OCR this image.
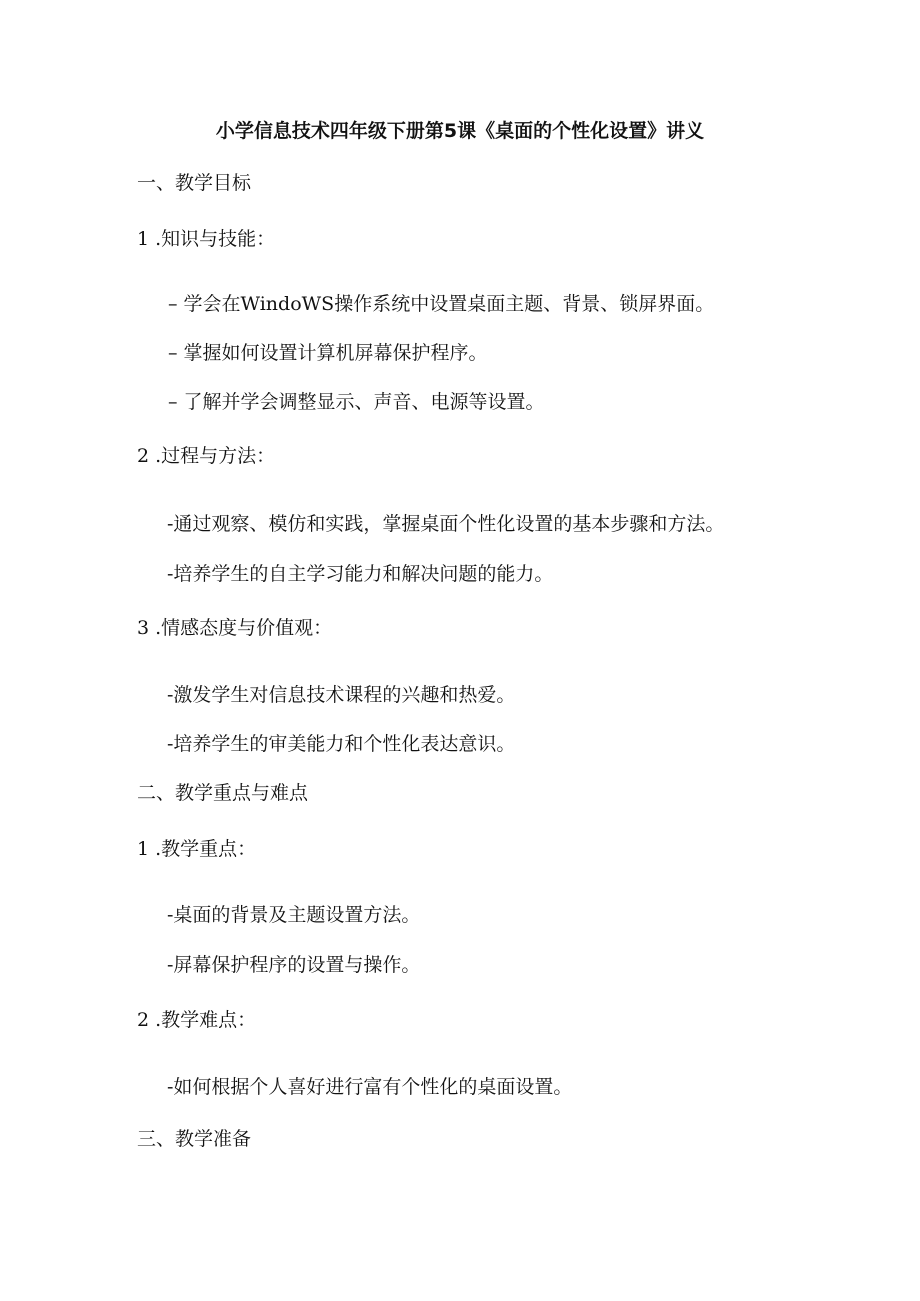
小学信息技术四年级下册第5课《桌面的个性化设置》讲义
一、教学目标
1 .知识与技能：
– 学会在WindoWS操作系统中设置桌面主题、背景、锁屏界面。
– 掌握如何设置计算机屏幕保护程序。
– 了解并学会调整显示、声音、电源等设置。
2 .过程与方法：
-通过观察、模仿和实践，掌握桌面个性化设置的基本步骤和方法。
-培养学生的自主学习能力和解决问题的能力。
3 .情感态度与价值观：
-激发学生对信息技术课程的兴趣和热爱。
-培养学生的审美能力和个性化表达意识。
二、教学重点与难点
1 .教学重点：
-桌面的背景及主题设置方法。
-屏幕保护程序的设置与操作。
2 .教学难点：
-如何根据个人喜好进行富有个性化的桌面设置。
三、教学准备
